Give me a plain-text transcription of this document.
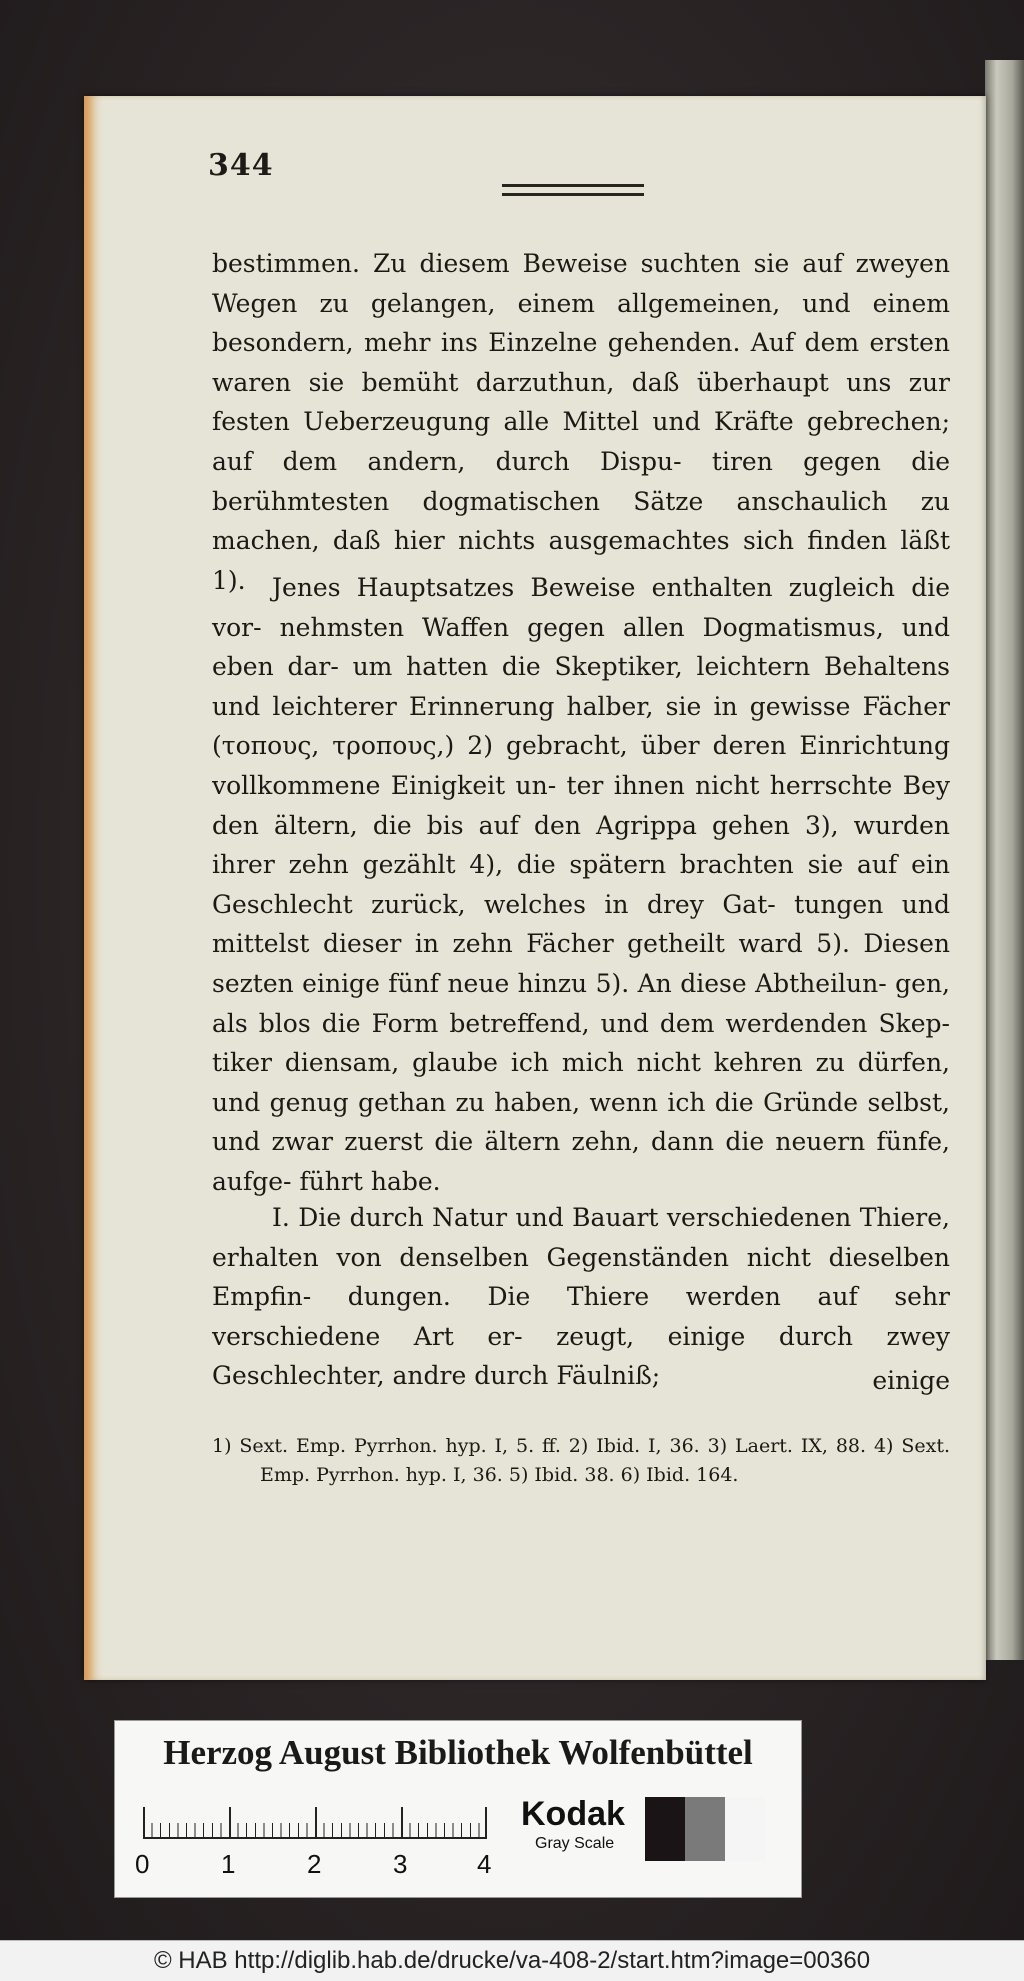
344

bestimmen. Zu diesem Beweise suchten sie auf zweyen Wegen zu gelangen, einem allgemeinen, und einem besondern, mehr ins Einzelne gehenden. Auf dem ersten waren sie bemüht darzuthun, daß überhaupt uns zur festen Ueberzeugung alle Mittel und Kräfte gebrechen; auf dem andern, durch Dispu- tiren gegen die berühmtesten dogmatischen Sätze anschaulich zu machen, daß hier nichts ausgemachtes sich finden läßt 1).	Jenes Hauptsatzes Beweise enthalten zugleich die vor- nehmsten Waffen gegen allen Dogmatismus, und eben dar- um hatten die Skeptiker, leichtern Behaltens und leichterer Erinnerung halber, sie in gewisse Fächer (τοπους, τροπους,) 2) gebracht, über deren Einrichtung vollkommene Einigkeit un- ter ihnen nicht herrschte Bey den ältern, die bis auf den Agrippa gehen 3), wurden ihrer zehn gezählt 4), die spätern brachten sie auf ein Geschlecht zurück, welches in drey Gat- tungen und mittelst dieser in zehn Fächer getheilt ward 5). Diesen sezten einige fünf neue hinzu 5). An diese Abtheilun- gen, als blos die Form betreffend, und dem werdenden Skep- tiker diensam, glaube ich mich nicht kehren zu dürfen, und genug gethan zu haben, wenn ich die Gründe selbst, und zwar zuerst die ältern zehn, dann die neuern fünfe, aufge- führt habe.

I. Die durch Natur und Bauart verschiedenen Thiere, erhalten von denselben Gegenständen nicht dieselben Empfin- dungen. Die Thiere werden auf sehr verschiedene Art er- zeugt, einige durch zwey Geschlechter, andre durch Fäulniß;	einige
1) Sext. Emp. Pyrrhon. hyp. I, 5. ff. 2) Ibid. I, 36. 3) Laert. IX, 88. 4) Sext. Emp. Pyrrhon. hyp. I, 36. 5) Ibid. 38. 6) Ibid. 164.
Herzog August Bibliothek Wolfenbüttel
0	1	2	3	4
Kodak
Gray Scale
© HAB http://diglib.hab.de/drucke/va-408-2/start.htm?image=00360
